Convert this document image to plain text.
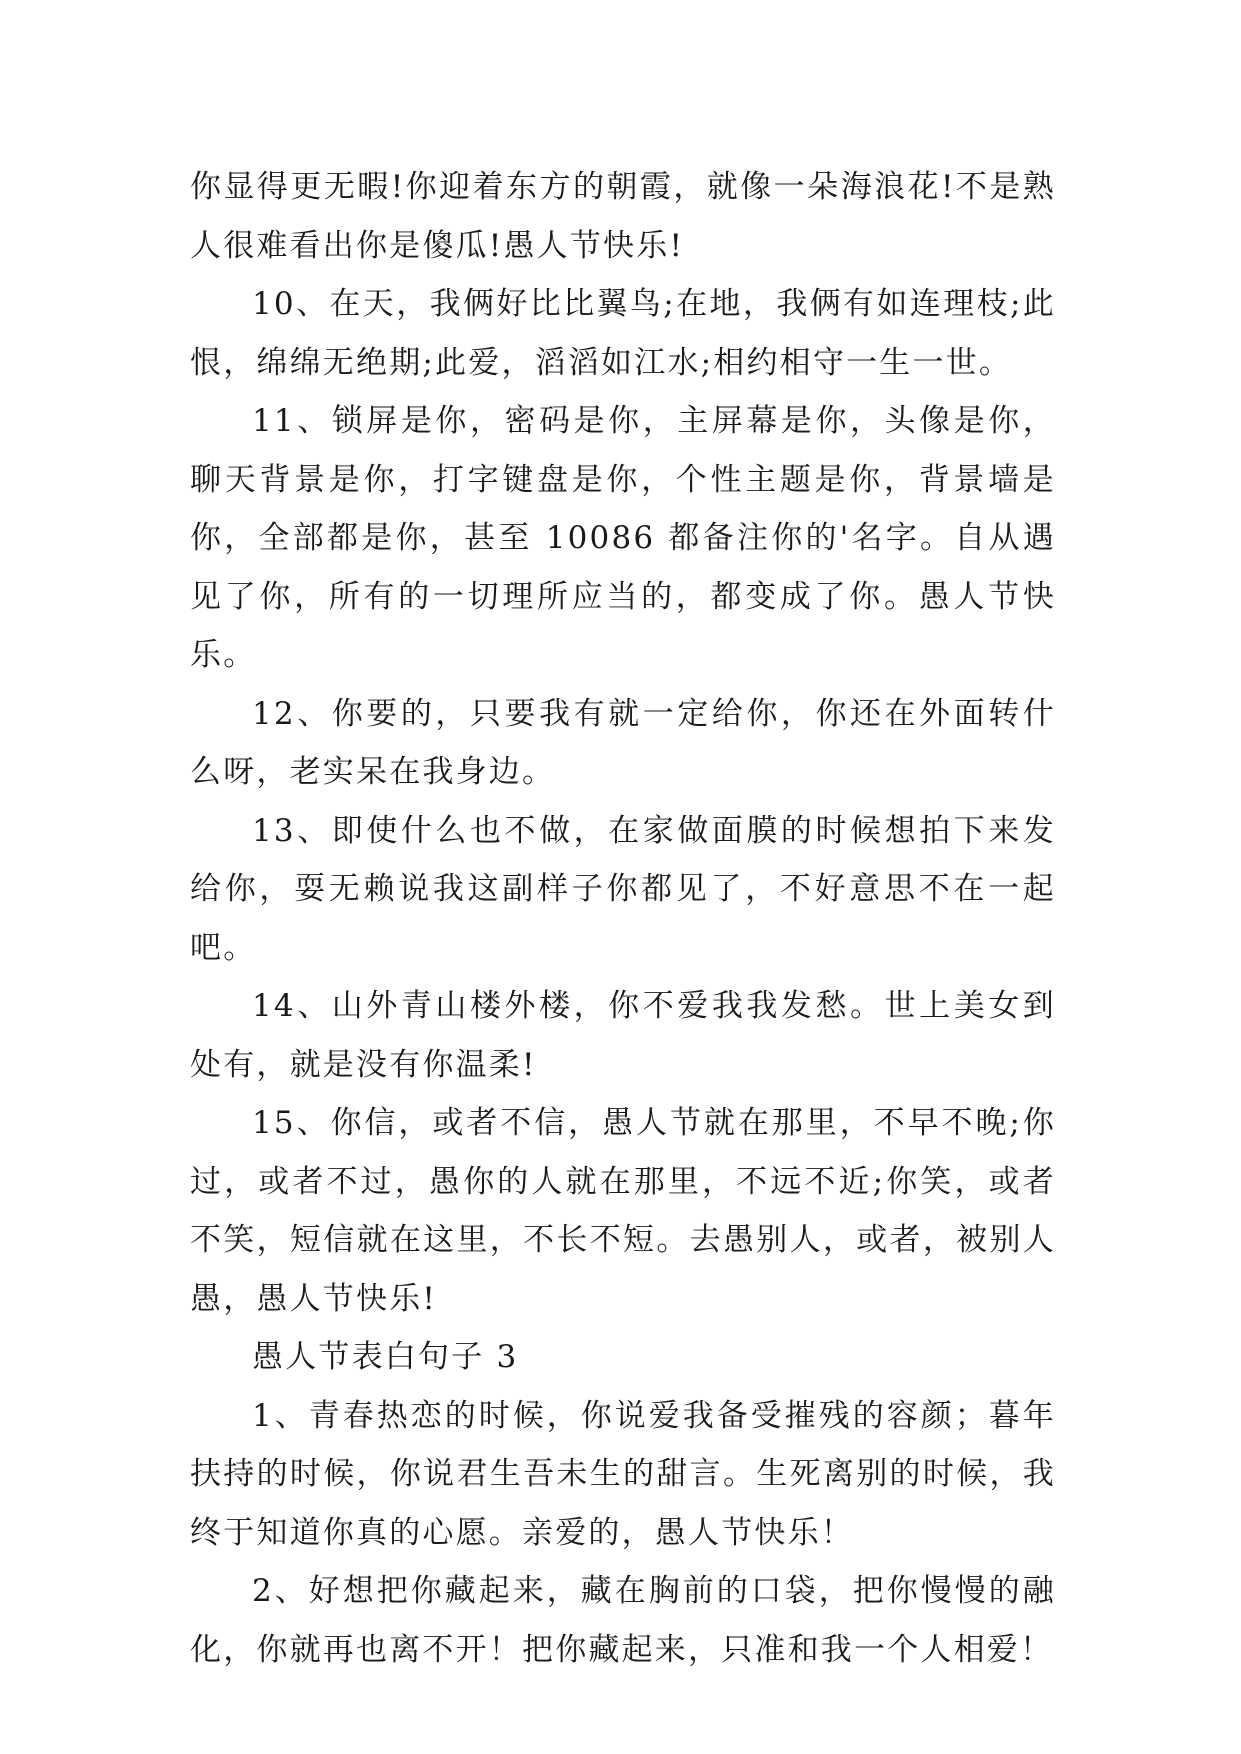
你显得更无暇!你迎着东方的朝霞，就像一朵海浪花!不是熟人很难看出你是傻瓜!愚人节快乐!

10、在天，我俩好比比翼鸟;在地，我俩有如连理枝;此恨，绵绵无绝期;此爱，滔滔如江水;相约相守一生一世。

11、锁屏是你，密码是你，主屏幕是你，头像是你，聊天背景是你，打字键盘是你，个性主题是你，背景墙是你，全部都是你，甚至 10086 都备注你的'名字。自从遇见了你，所有的一切理所应当的，都变成了你。愚人节快乐。

12、你要的，只要我有就一定给你，你还在外面转什么呀，老实呆在我身边。

13、即使什么也不做，在家做面膜的时候想拍下来发给你，耍无赖说我这副样子你都见了，不好意思不在一起吧。

14、山外青山楼外楼，你不爱我我发愁。世上美女到处有，就是没有你温柔!

15、你信，或者不信，愚人节就在那里，不早不晚;你过，或者不过，愚你的人就在那里，不远不近;你笑，或者不笑，短信就在这里，不长不短。去愚别人，或者，被别人愚，愚人节快乐!

愚人节表白句子 3

1、青春热恋的时候，你说爱我备受摧残的容颜；暮年扶持的时候，你说君生吾未生的甜言。生死离别的时候，我终于知道你真的心愿。亲爱的，愚人节快乐！

2、好想把你藏起来，藏在胸前的口袋，把你慢慢的融化，你就再也离不开！把你藏起来，只准和我一个人相爱！
